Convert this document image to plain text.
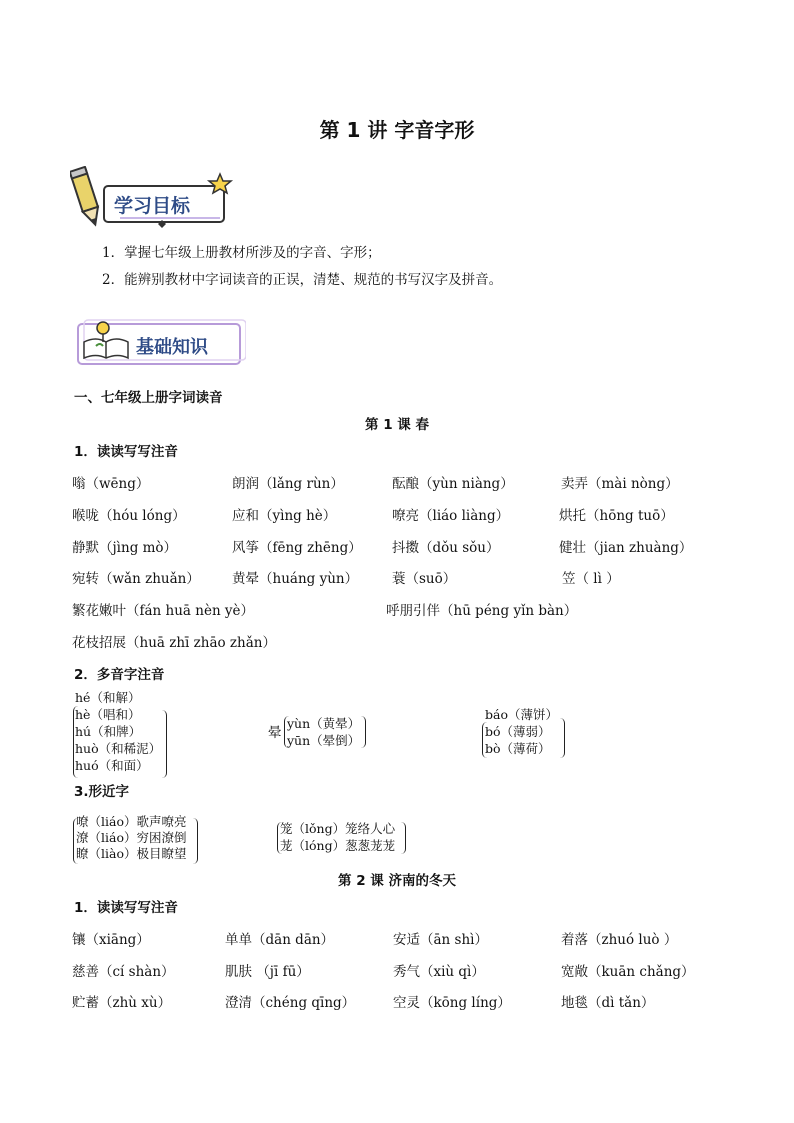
第 1 讲 字音字形
学习目标
1．掌握七年级上册教材所涉及的字音、字形；
2．能辨别教材中字词读音的正误，清楚、规范的书写汉字及拼音。
基础知识
一、七年级上册字词读音
第 1 课 春
1．读读写写注音
嗡（wēng）	朗润（lǎng rùn）	酝酿（yùn niàng）	卖弄（mài nòng）
喉咙（hóu lóng）	应和（yìng hè）	嘹亮（liáo liàng）	烘托（hōng tuō）
静默（jìng mò）	风筝（fēng zhēng） 抖擞（dǒu sǒu）	健壮（jian zhuàng）
宛转（wǎn zhuǎn） 黄晕（huáng yùn）	蓑（suō）	笠（ lì ）
繁花嫩叶（fán huā nèn yè）	呼朋引伴（hū péng yǐn bàn）
花枝招展（huā zhī zhāo zhǎn）
2．多音字注音
hé（和解）
hè（唱和）
hú（和牌）
huò（和稀泥）
huó（和面）
晕
yùn（黄晕）
yūn（晕倒）
báo（薄饼）
bó（薄弱）
bò（薄荷）
3.形近字
嘹（liáo）歌声嘹亮
潦（liáo）穷困潦倒
瞭（liào）极目瞭望
笼（lǒng）笼络人心
茏（lóng）葱葱茏茏
第 2 课 济南的冬天
1．读读写写注音
镶（xiāng）	单单（dān dān）	安适（ān shì）	着落（zhuó luò ）
慈善（cí shàn）	肌肤 （jī fū）	秀气（xiù qì）	宽敞（kuān chǎng）
贮蓄（zhù xù）	澄清（chéng qīng）	空灵（kōng líng）	地毯（dì tǎn）
